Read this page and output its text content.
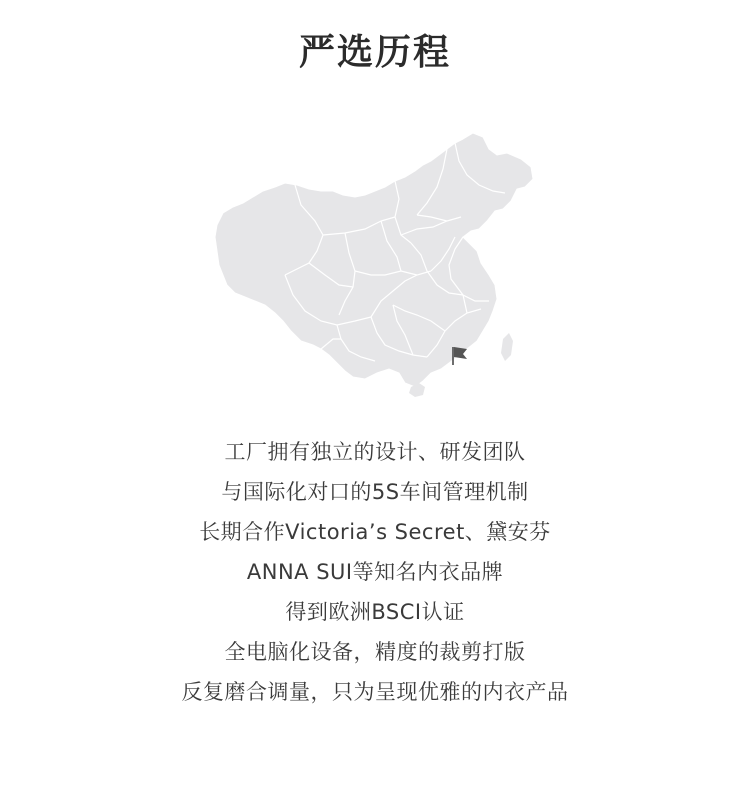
严选历程
工厂拥有独立的设计、研发团队
与国际化对口的5S车间管理机制
长期合作Victoria’s Secret、黛安芬
ANNA SUI等知名内衣品牌
得到欧洲BSCI认证
全电脑化设备，精度的裁剪打版
反复磨合调量，只为呈现优雅的内衣产品
